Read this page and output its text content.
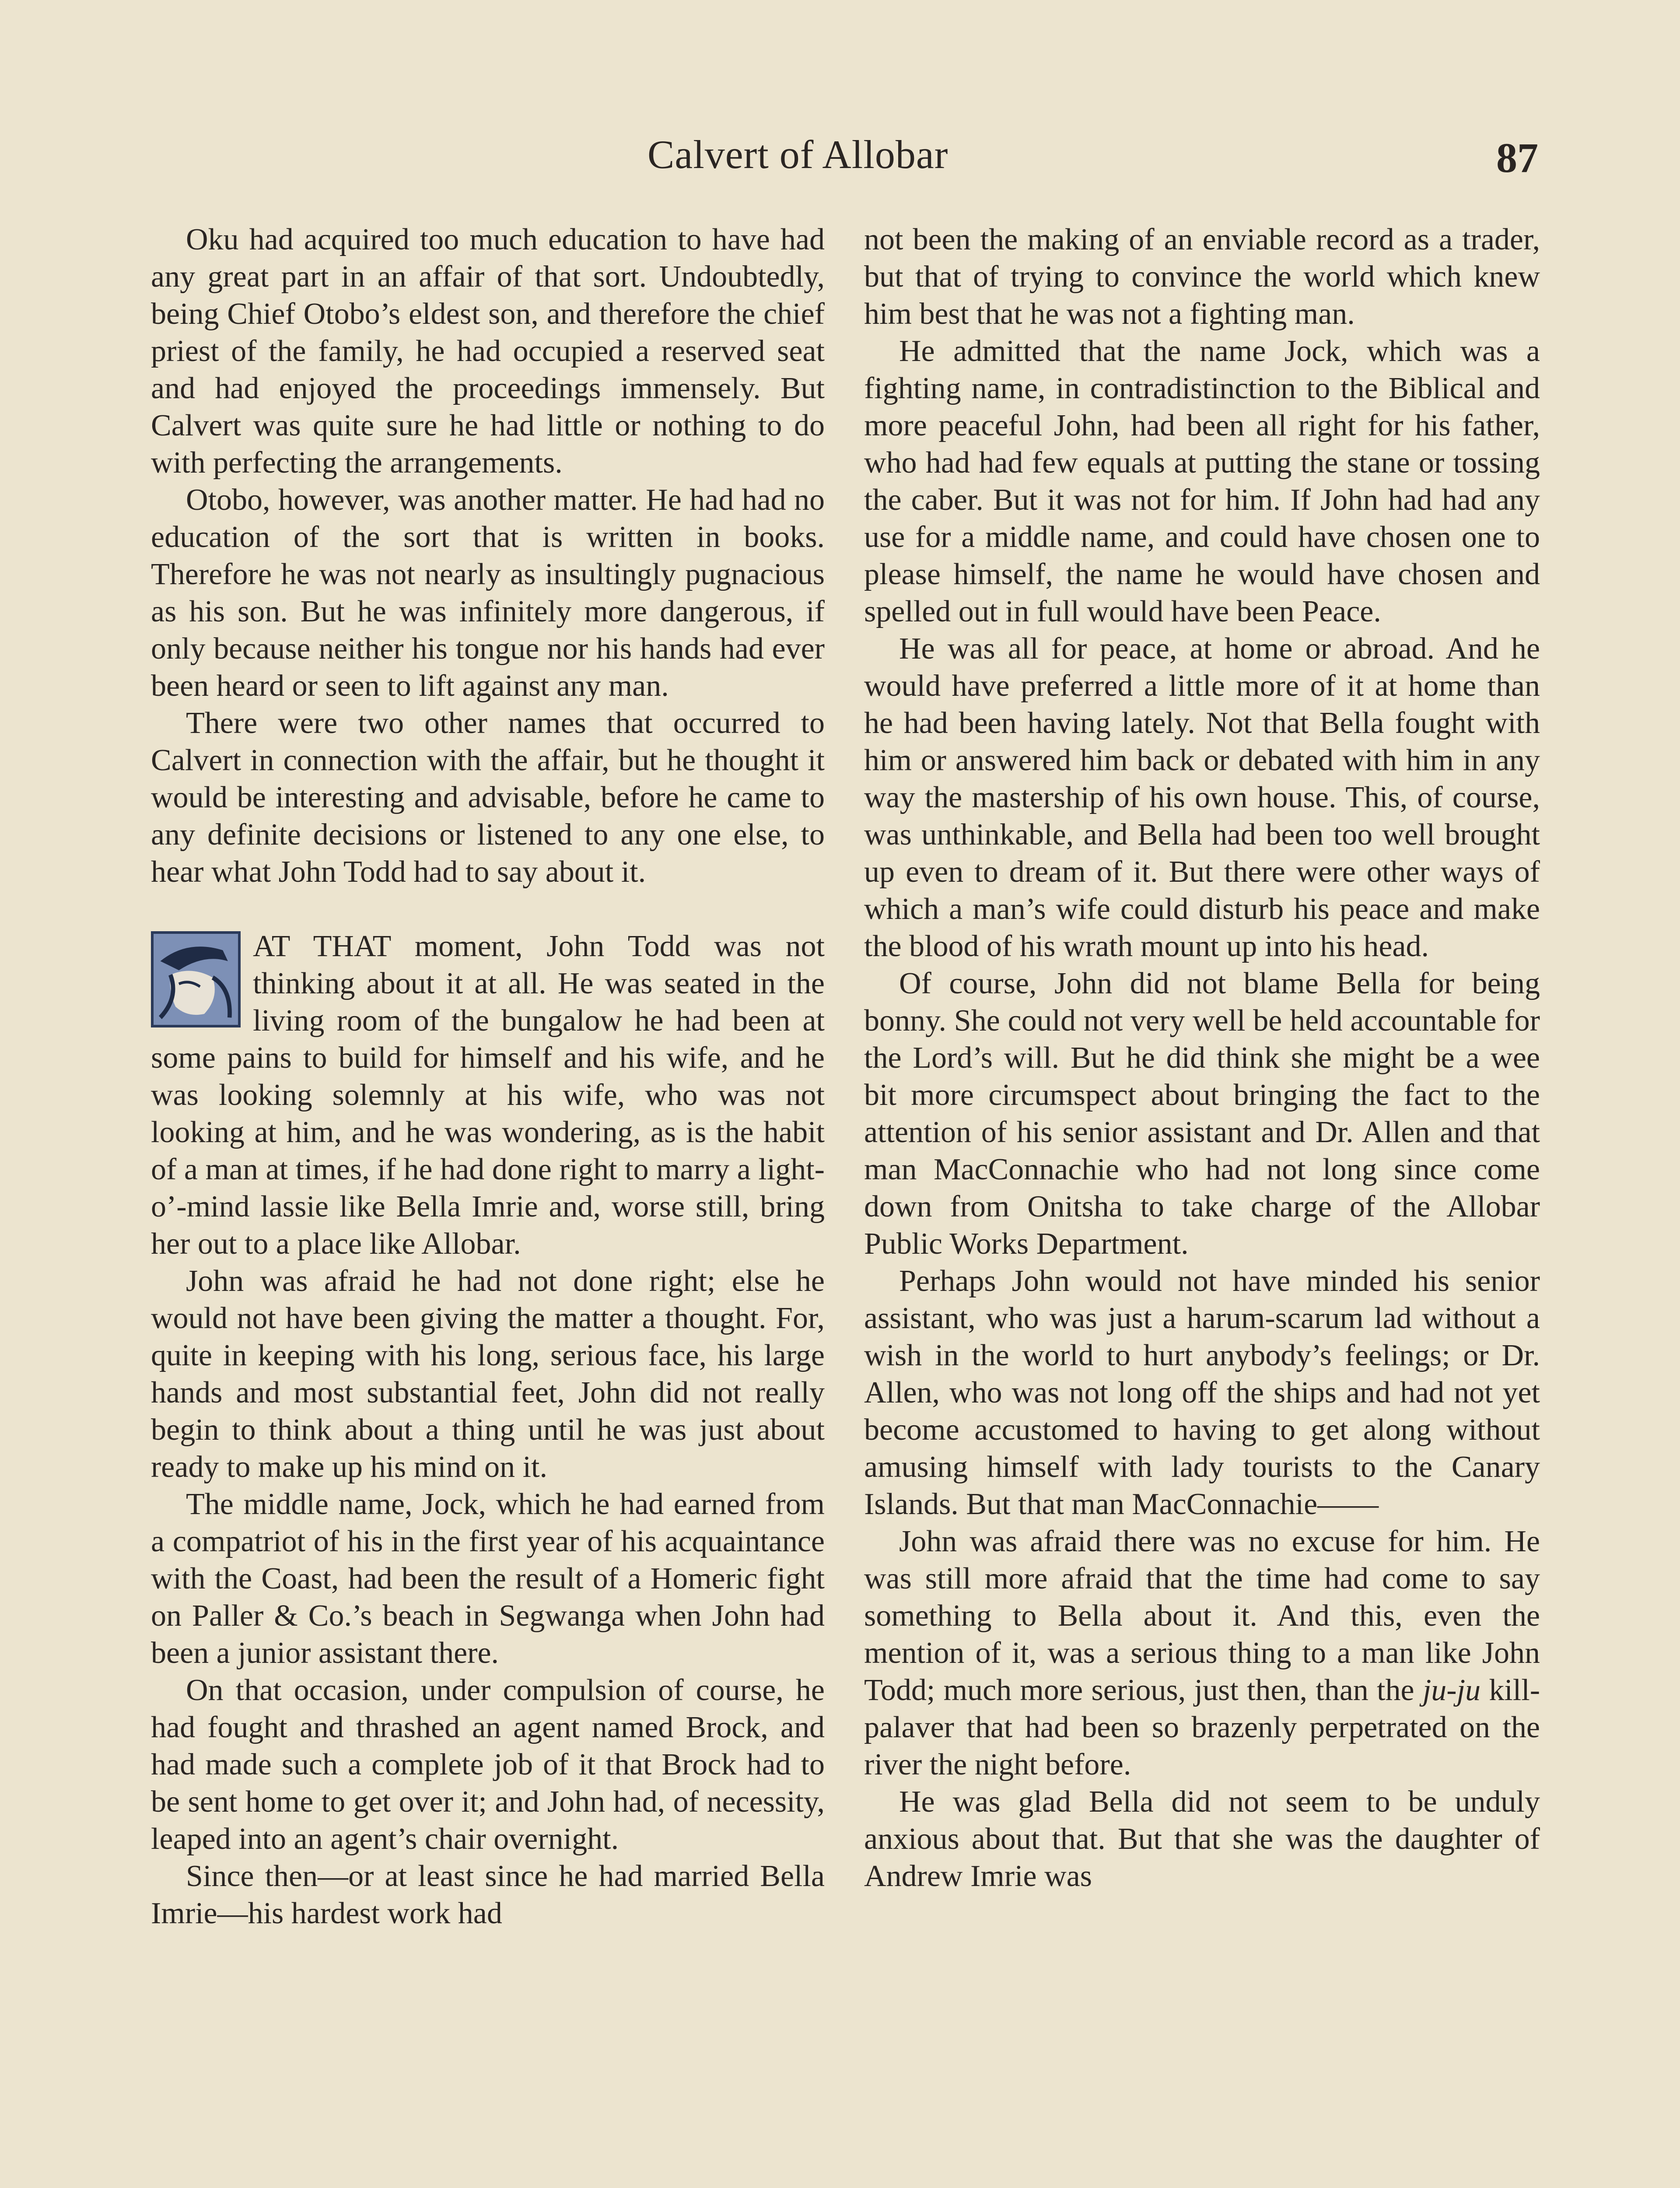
Calvert of Allobar	87

Oku had acquired too much education to have had any great part in an affair of that sort. Undoubtedly, being Chief Otobo’s eldest son, and therefore the chief priest of the family, he had occupied a reserved seat and had enjoyed the proceedings immensely. But Calvert was quite sure he had little or nothing to do with perfecting the arrangements.

Otobo, however, was another matter. He had had no education of the sort that is written in books. Therefore he was not nearly as insultingly pugnacious as his son. But he was infinitely more dangerous, if only because neither his tongue nor his hands had ever been heard or seen to lift against any man.

There were two other names that occurred to Calvert in connection with the affair, but he thought it would be interesting and advisable, before he came to any definite decisions or listened to any one else, to hear what John Todd had to say about it.

AT THAT moment, John Todd was not thinking about it at all. He was seated in the living room of the bungalow he had been at some pains to build for himself and his wife, and he was looking solemnly at his wife, who was not looking at him, and he was wondering, as is the habit of a man at times, if he had done right to marry a light-o’-mind lassie like Bella Imrie and, worse still, bring her out to a place like Allobar.

John was afraid he had not done right; else he would not have been giving the matter a thought. For, quite in keeping with his long, serious face, his large hands and most substantial feet, John did not really begin to think about a thing until he was just about ready to make up his mind on it.

The middle name, Jock, which he had earned from a compatriot of his in the first year of his acquaintance with the Coast, had been the result of a Homeric fight on Paller & Co.’s beach in Segwanga when John had been a junior assistant there.

On that occasion, under compulsion of course, he had fought and thrashed an agent named Brock, and had made such a complete job of it that Brock had to be sent home to get over it; and John had, of necessity, leaped into an agent’s chair overnight.

Since then—or at least since he had married Bella Imrie—his hardest work had

not been the making of an enviable record as a trader, but that of trying to convince the world which knew him best that he was not a fighting man.

He admitted that the name Jock, which was a fighting name, in contradistinction to the Biblical and more peaceful John, had been all right for his father, who had had few equals at putting the stane or tossing the caber. But it was not for him. If John had had any use for a middle name, and could have chosen one to please himself, the name he would have chosen and spelled out in full would have been Peace.

He was all for peace, at home or abroad. And he would have preferred a little more of it at home than he had been having lately. Not that Bella fought with him or answered him back or debated with him in any way the mastership of his own house. This, of course, was unthinkable, and Bella had been too well brought up even to dream of it. But there were other ways of which a man’s wife could disturb his peace and make the blood of his wrath mount up into his head.

Of course, John did not blame Bella for being bonny. She could not very well be held accountable for the Lord’s will. But he did think she might be a wee bit more circumspect about bringing the fact to the attention of his senior assistant and Dr. Allen and that man MacConnachie who had not long since come down from Onitsha to take charge of the Allobar Public Works Department.

Perhaps John would not have minded his senior assistant, who was just a harum-scarum lad without a wish in the world to hurt anybody’s feelings; or Dr. Allen, who was not long off the ships and had not yet become accustomed to having to get along without amusing himself with lady tourists to the Canary Islands. But that man MacConnachie——

John was afraid there was no excuse for him. He was still more afraid that the time had come to say something to Bella about it. And this, even the mention of it, was a serious thing to a man like John Todd; much more serious, just then, than the ju-ju kill-palaver that had been so brazenly perpetrated on the river the night before.

He was glad Bella did not seem to be unduly anxious about that. But that she was the daughter of Andrew Imrie was
